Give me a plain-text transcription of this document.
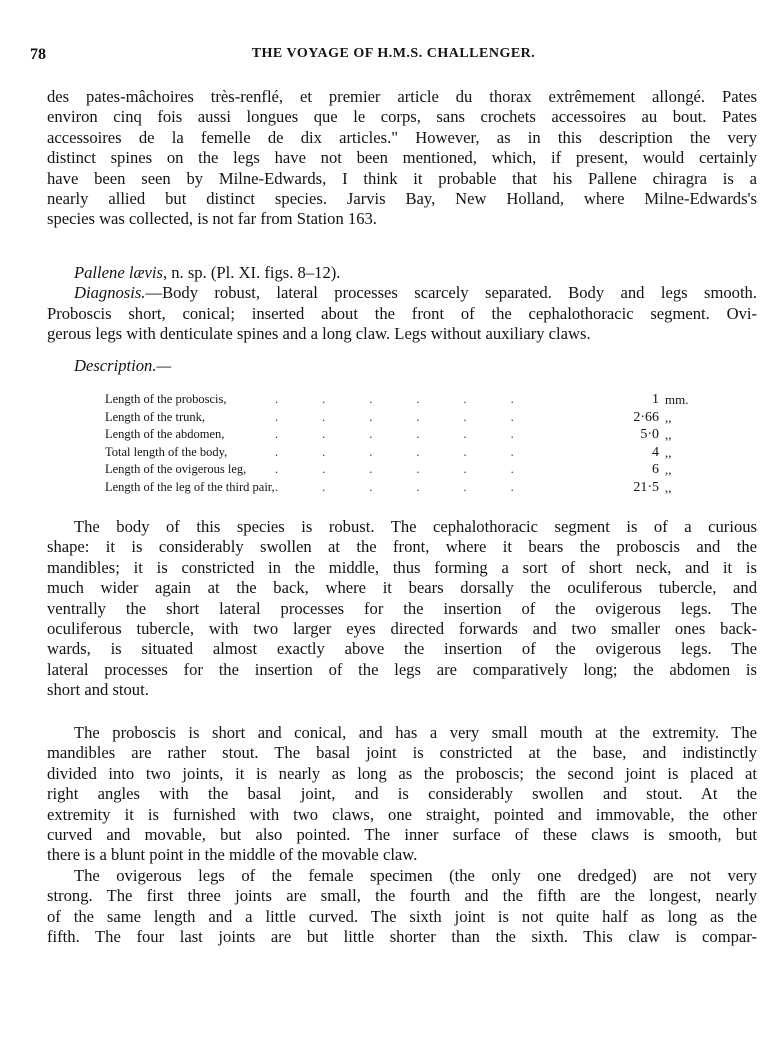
78	THE VOYAGE OF H.M.S. CHALLENGER.
des pates-mâchoires très-renflé, et premier article du thorax extrêmement allongé. Pates
environ cinq fois aussi longues que le corps, sans crochets accessoires au bout. Pates
accessoires de la femelle de dix articles." However, as in this description the very
distinct spines on the legs have not been mentioned, which, if present, would certainly
have been seen by Milne-Edwards, I think it probable that his Pallene chiragra is a
nearly allied but distinct species. Jarvis Bay, New Holland, where Milne-Edwards's
species was collected, is not far from Station 163.
Pallene lævis, n. sp. (Pl. XI. figs. 8–12).
Diagnosis.—Body robust, lateral processes scarcely separated. Body and legs smooth.
Proboscis short, conical; inserted about the front of the cephalothoracic segment. Ovi-
gerous legs with denticulate spines and a long claw. Legs without auxiliary claws.
Description.—
Length of the proboscis,	......	1 mm.
Length of the trunk,	......	2·66 ,,
Length of the abdomen,	......	5·0 ,,
Total length of the body,	......	4 ,,
Length of the ovigerous leg, ......	6 ,,
Length of the leg of the third pair, ......	21·5 ,,
The body of this species is robust. The cephalothoracic segment is of a curious
shape: it is considerably swollen at the front, where it bears the proboscis and the
mandibles; it is constricted in the middle, thus forming a sort of short neck, and it is
much wider again at the back, where it bears dorsally the oculiferous tubercle, and
ventrally the short lateral processes for the insertion of the ovigerous legs. The
oculiferous tubercle, with two larger eyes directed forwards and two smaller ones back-
wards, is situated almost exactly above the insertion of the ovigerous legs. The
lateral processes for the insertion of the legs are comparatively long; the abdomen is
short and stout.
The proboscis is short and conical, and has a very small mouth at the extremity. The
mandibles are rather stout. The basal joint is constricted at the base, and indistinctly
divided into two joints, it is nearly as long as the proboscis; the second joint is placed at
right angles with the basal joint, and is considerably swollen and stout. At the
extremity it is furnished with two claws, one straight, pointed and immovable, the other
curved and movable, but also pointed. The inner surface of these claws is smooth, but
there is a blunt point in the middle of the movable claw.
The ovigerous legs of the female specimen (the only one dredged) are not very
strong. The first three joints are small, the fourth and the fifth are the longest, nearly
of the same length and a little curved. The sixth joint is not quite half as long as the
fifth. The four last joints are but little shorter than the sixth. This claw is compar-
